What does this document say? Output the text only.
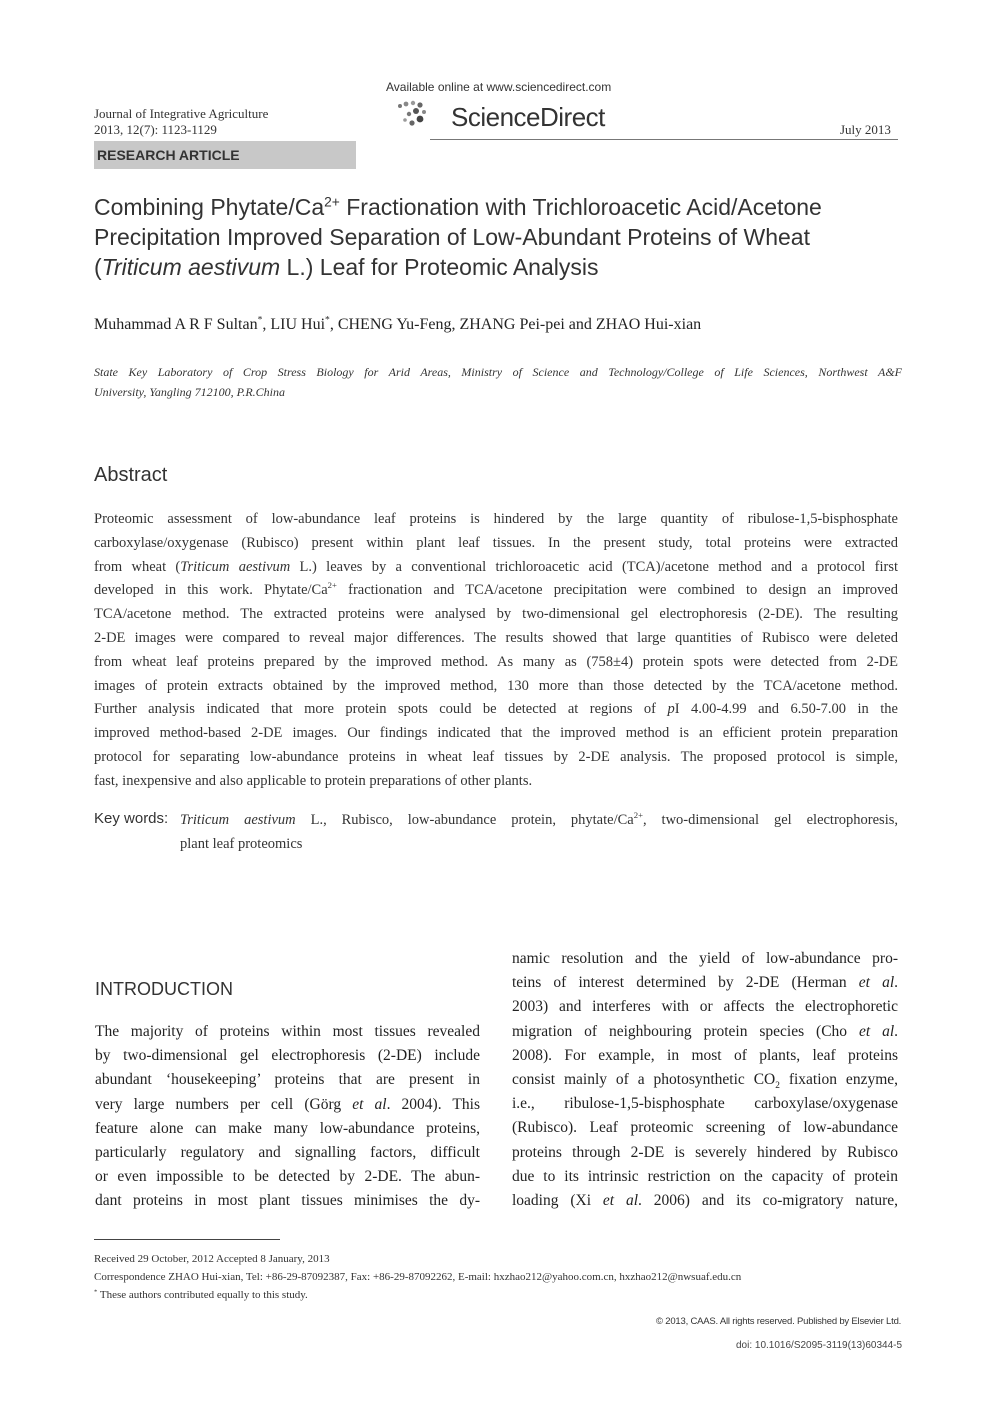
Journal of Integrative Agriculture
2013, 12(7): 1123-1129
Available online at www.sciencedirect.com
ScienceDirect	July 2013
RESEARCH ARTICLE
Combining Phytate/$Ca^{2+}$ Fractionation with Trichloroacetic Acid/Acetone
Precipitation Improved Separation of Low-Abundant Proteins of Wheat
(Triticum aestivum L.) Leaf for Proteomic Analysis
Muhammad A R F Sultan*, LIU Hui*, CHENG Yu-Feng, ZHANG Pei-pei and ZHAO Hui-xian
State Key Laboratory of Crop Stress Biology for Arid Areas, Ministry of Science and Technology/College of Life Sciences, Northwest A&F
University, Yangling 712100, P.R.China
Abstract
Proteomic assessment of low-abundance leaf proteins is hindered by the large quantity of ribulose-1,5-bisphosphate
carboxylase/oxygenase (Rubisco) present within plant leaf tissues. In the present study, total proteins were extracted
from wheat (Triticum aestivum L.) leaves by a conventional trichloroacetic acid (TCA)/acetone method and a protocol first
developed in this work. Phytate/$Ca^{2+}$ fractionation and TCA/acetone precipitation were combined to design an improved
TCA/acetone method. The extracted proteins were analysed by two-dimensional gel electrophoresis (2-DE). The resulting
2-DE images were compared to reveal major differences. The results showed that large quantities of Rubisco were deleted
from wheat leaf proteins prepared by the improved method. As many as (758±4) protein spots were detected from 2-DE
images of protein extracts obtained by the improved method, 130 more than those detected by the TCA/acetone method.
Further analysis indicated that more protein spots could be detected at regions of pI 4.00-4.99 and 6.50-7.00 in the
improved method-based 2-DE images. Our findings indicated that the improved method is an efficient protein preparation
protocol for separating low-abundance proteins in wheat leaf tissues by 2-DE analysis. The proposed protocol is simple,
fast, inexpensive and also applicable to protein preparations of other plants.
Key words: Triticum aestivum L., Rubisco, low-abundance protein, phytate/$Ca^{2+}$, two-dimensional gel electrophoresis,
plant leaf proteomics
INTRODUCTION
The majority of proteins within most tissues revealed
by two-dimensional gel electrophoresis (2-DE) include
abundant ‘housekeeping’ proteins that are present in
very large numbers per cell (Görg et al. 2004). This
feature alone can make many low-abundance proteins,
particularly regulatory and signalling factors, difficult
or even impossible to be detected by 2-DE. The abun-
dant proteins in most plant tissues minimises the dy-
namic resolution and the yield of low-abundance pro-
teins of interest determined by 2-DE (Herman et al.
2003) and interferes with or affects the electrophoretic
migration of neighbouring protein species (Cho et al.
2008). For example, in most of plants, leaf proteins
consist mainly of a photosynthetic $CO_2$ fixation enzyme,
i.e., ribulose-1,5-bisphosphate carboxylase/oxygenase
(Rubisco). Leaf proteomic screening of low-abundance
proteins through 2-DE is severely hindered by Rubisco
due to its intrinsic restriction on the capacity of protein
loading (Xi et al. 2006) and its co-migratory nature,
Received 29 October, 2012 Accepted 8 January, 2013
Correspondence ZHAO Hui-xian, Tel: +86-29-87092387, Fax: +86-29-87092262, E-mail: hxzhao212@yahoo.com.cn, hxzhao212@nwsuaf.edu.cn
* These authors contributed equally to this study.
© 2013, CAAS. All rights reserved. Published by Elsevier Ltd.
doi: 10.1016/S2095-3119(13)60344-5
